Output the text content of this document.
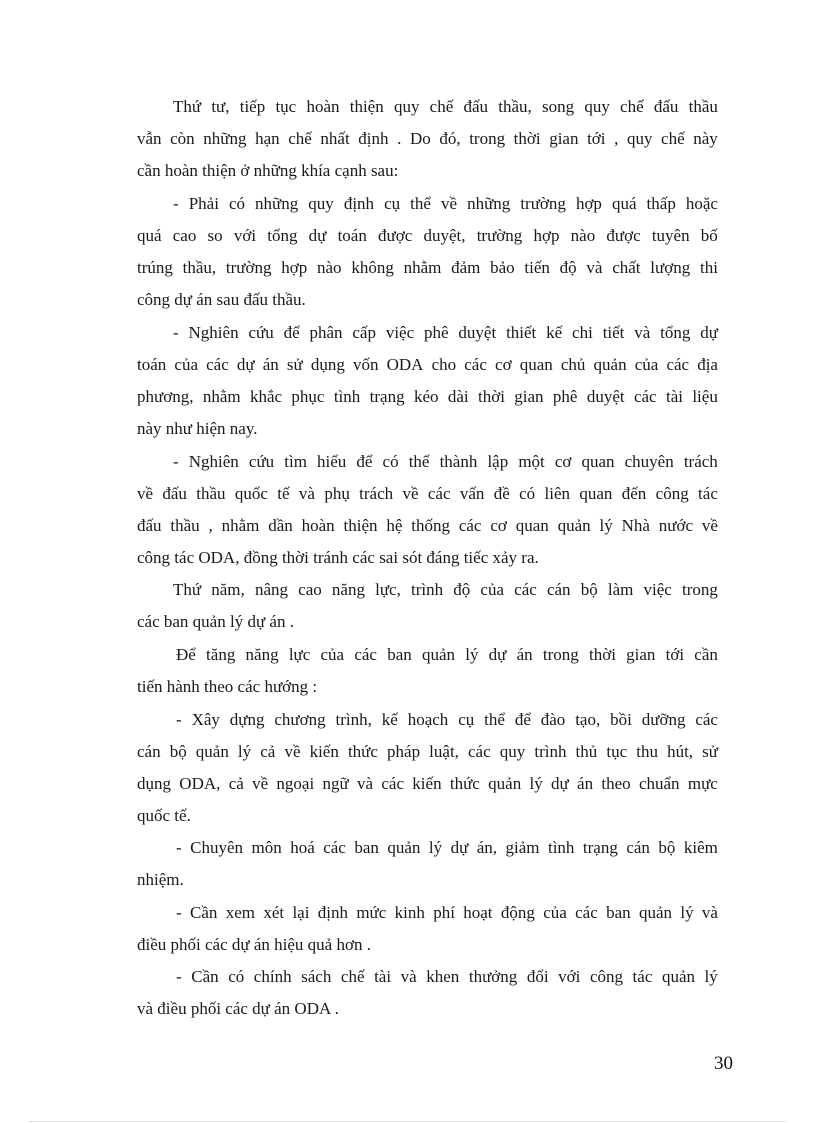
Thứ tư, tiếp tục hoàn thiện quy chế đấu thầu, song quy chế đấu thầu
vẫn còn những hạn chế nhất định . Do đó, trong thời gian tới , quy chế này
cần hoàn thiện ở những khía cạnh sau:
- Phải có những quy định cụ thể về những trường hợp quá thấp hoặc
quá cao so với tổng dự toán được duyệt, trường hợp nào được tuyên bố
trúng thầu, trường hợp nào không nhằm đảm bảo tiến độ và chất lượng thi
công dự án sau đấu thầu.
- Nghiên cứu để phân cấp việc phê duyệt thiết kế chi tiết và tổng dự
toán của các dự án sử dụng vốn ODA cho các cơ quan chủ quản của các địa
phương, nhằm khắc phục tình trạng kéo dài thời gian phê duyệt các tài liệu
này như hiện nay.
- Nghiên cứu tìm hiểu để có thể thành lập một cơ quan chuyên trách
về đấu thầu quốc tế và phụ trách về các vấn đề có liên quan đến công tác
đấu thầu , nhằm dần hoàn thiện hệ thống các cơ quan quản lý Nhà nước về
công tác ODA, đồng thời tránh các sai sót đáng tiếc xảy ra.
Thứ năm, nâng cao năng lực, trình độ của các cán bộ làm việc trong
các ban quản lý dự án .
Để tăng năng lực của các ban quản lý dự án trong thời gian tới cần
tiến hành theo các hướng :
- Xây dựng chương trình, kế hoạch cụ thể để đào tạo, bồi dưỡng các
cán bộ quản lý cả về kiến thức pháp luật, các quy trình thủ tục thu hút, sử
dụng ODA, cả về ngoại ngữ và các kiến thức quản lý dự án theo chuẩn mực
quốc tế.
- Chuyên môn hoá các ban quản lý dự án, giảm tình trạng cán bộ kiêm
nhiệm.
- Cần xem xét lại định mức kinh phí hoạt động của các ban quản lý và
điều phối các dự án hiệu quả hơn .
- Cần có chính sách chế tài và khen thưởng đối với công tác quản lý
và điều phối các dự án ODA .
30
